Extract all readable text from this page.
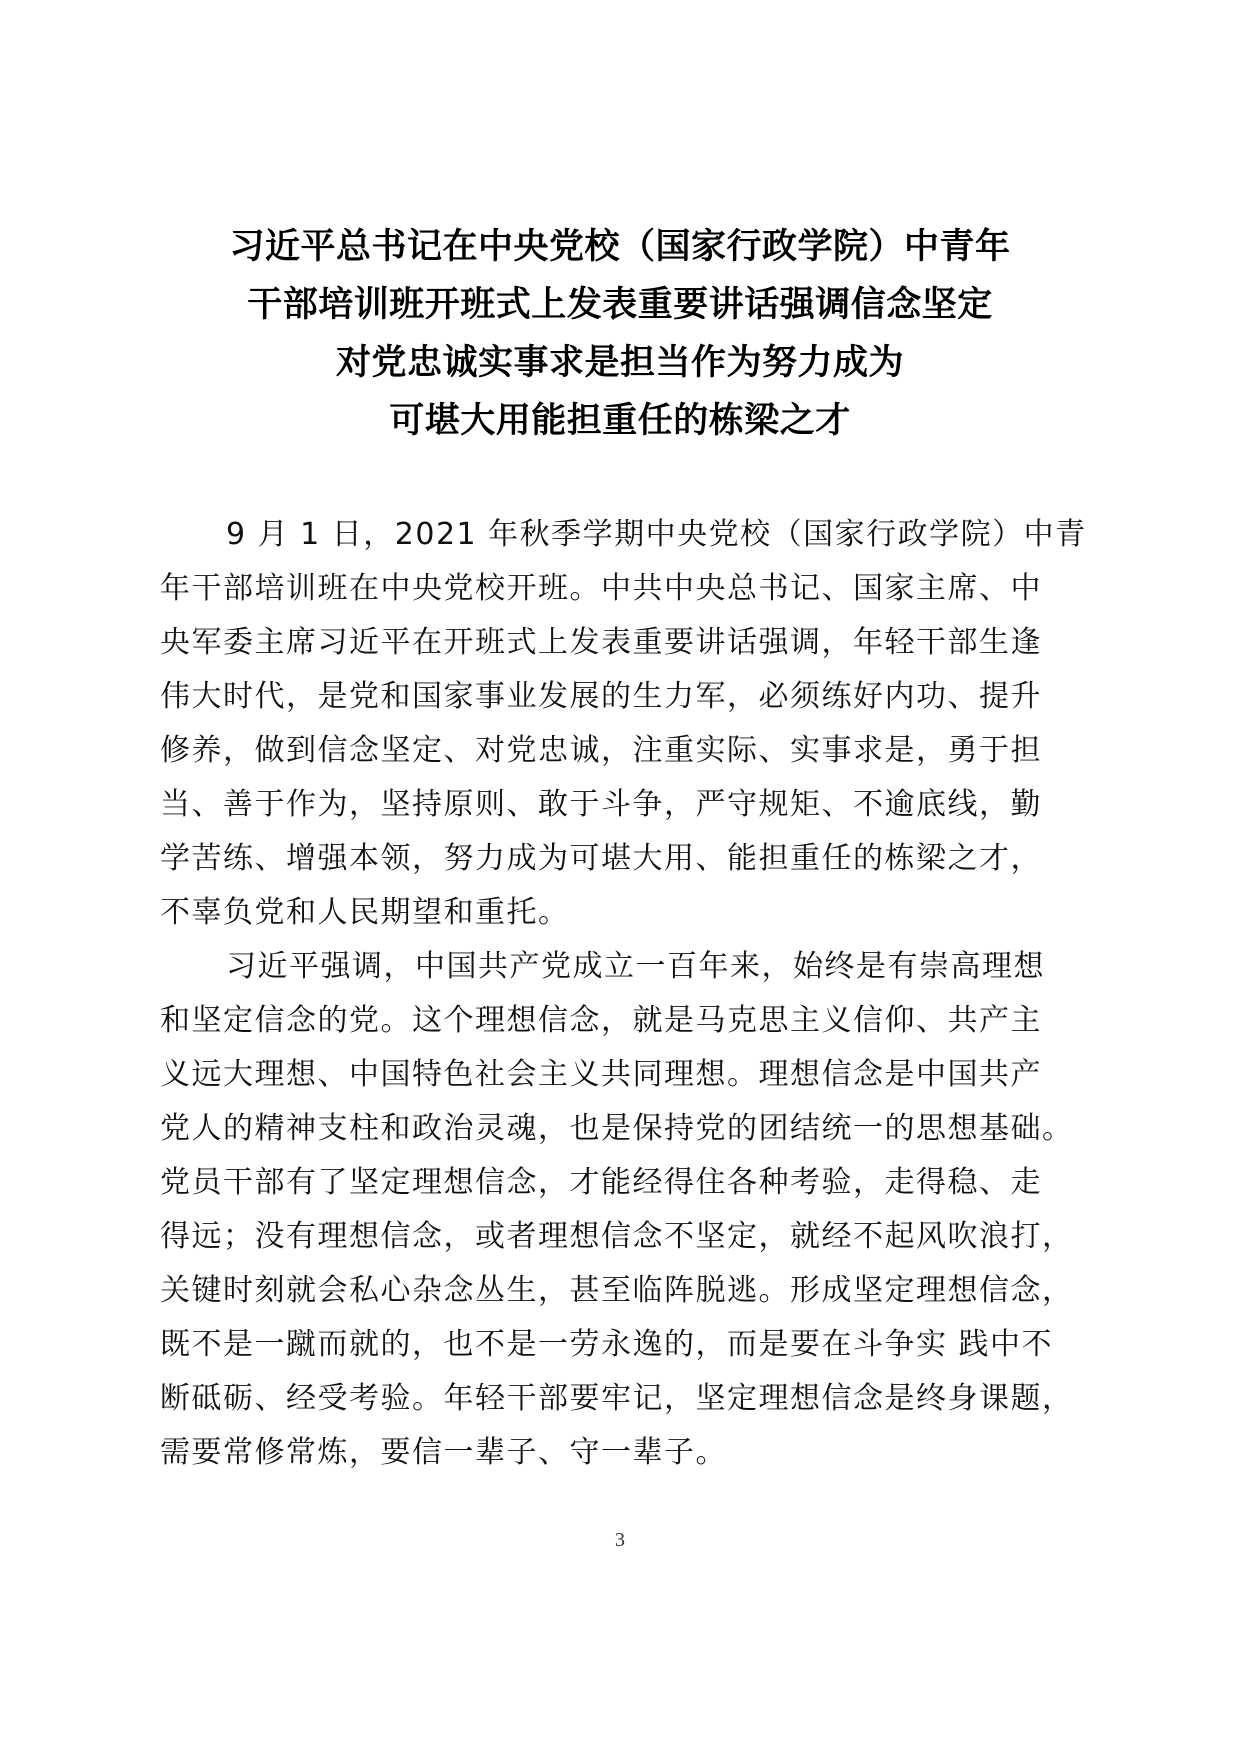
习近平总书记在中央党校（国家行政学院）中青年
干部培训班开班式上发表重要讲话强调信念坚定
对党忠诚实事求是担当作为努力成为
可堪大用能担重任的栋梁之才
9 月 1 日，2021 年秋季学期中央党校（国家行政学院）中青
年干部培训班在中央党校开班。中共中央总书记、国家主席、中
央军委主席习近平在开班式上发表重要讲话强调，年轻干部生逢
伟大时代，是党和国家事业发展的生力军，必须练好内功、提升
修养，做到信念坚定、对党忠诚，注重实际、实事求是，勇于担
当、善于作为，坚持原则、敢于斗争，严守规矩、不逾底线，勤
学苦练、增强本领，努力成为可堪大用、能担重任的栋梁之才，
不辜负党和人民期望和重托。
习近平强调，中国共产党成立一百年来，始终是有崇高理想
和坚定信念的党。这个理想信念，就是马克思主义信仰、共产主
义远大理想、中国特色社会主义共同理想。理想信念是中国共产
党人的精神支柱和政治灵魂，也是保持党的团结统一的思想基础。
党员干部有了坚定理想信念，才能经得住各种考验，走得稳、走
得远；没有理想信念，或者理想信念不坚定，就经不起风吹浪打，
关键时刻就会私心杂念丛生，甚至临阵脱逃。形成坚定理想信念，
既不是一蹴而就的，也不是一劳永逸的，而是要在斗争实 践中不
断砥砺、经受考验。年轻干部要牢记，坚定理想信念是终身课题，
需要常修常炼，要信一辈子、守一辈子。
3
